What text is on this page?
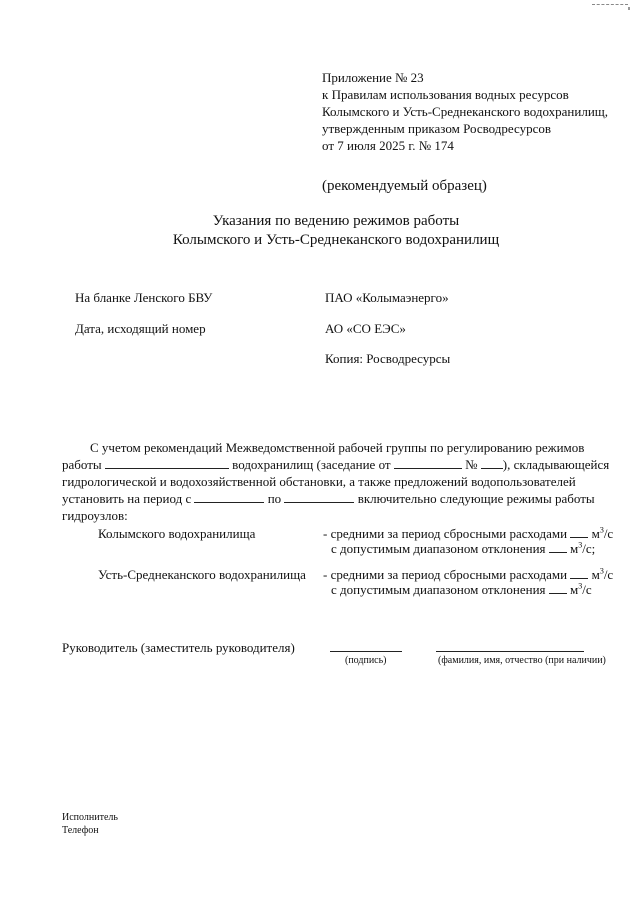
Приложение № 23
к Правилам использования водных ресурсов
Колымского и Усть-Среднеканского водохранилищ,
утвержденным приказом Росводресурсов
от 7 июля 2025 г. № 174
(рекомендуемый образец)
Указания по ведению режимов работы
Колымского и Усть-Среднеканского водохранилищ
На бланке Ленского БВУ	ПАО «Колымаэнерго»
Дата, исходящий номер	АО «СО ЕЭС»
Копия: Росводресурсы
С учетом рекомендаций Межведомственной рабочей группы по регулированию режимов
работы	водохранилищ (заседание от	№ ), складывающейся
гидрологической и водохозяйственной обстановки, а также предложений водопользователей
установить на период с	по	включительно следующие режимы работы
гидроузлов:
Колымского водохранилища	- средними за период сбросными расходами $м^3/с$
с допустимым диапазоном отклонения $м^3/с$;
Усть-Среднеканского водохранилища - средними за период сбросными расходами $м^3/с$
с допустимым диапазоном отклонения $м^3/с$
Руководитель (заместитель руководителя)
(подпись)	(фамилия, имя, отчество (при наличии)
Исполнитель
Телефон
